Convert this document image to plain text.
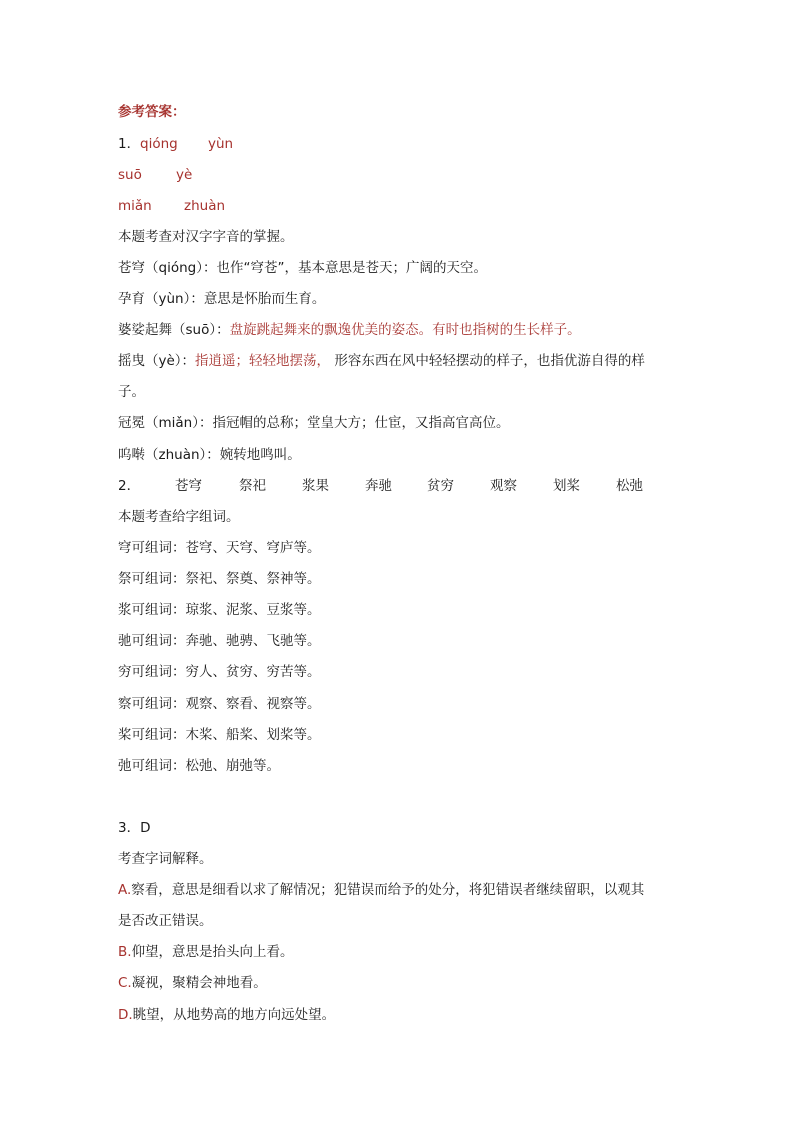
参考答案：
1． qióng yùn
suō	yè
miǎn zhuàn
本题考查对汉字字音的掌握。
苍穹（qióng）：也作“穹苍”，基本意思是苍天；广阔的天空。
孕育（yùn）：意思是怀胎而生育。
婆娑起舞（suō）：盘旋跳起舞来的飘逸优美的姿态。有时也指树的生长样子。
摇曳（yè）：指逍遥；轻轻地摆荡， 形容东西在风中轻轻摆动的样子，也指优游自得的样
子。
冠冕（miǎn）：指冠帽的总称；堂皇大方；仕宦，又指高官高位。
呜啭（zhuàn）：婉转地鸣叫。
2．	苍穹	祭祀	浆果	奔驰	贫穷	观察	划桨	松弛
本题考查给字组词。
穹可组词：苍穹、天穹、穹庐等。
祭可组词：祭祀、祭奠、祭神等。
浆可组词：琼浆、泥浆、豆浆等。
驰可组词：奔驰、驰骋、飞驰等。
穷可组词：穷人、贫穷、穷苦等。
察可组词：观察、察看、视察等。
桨可组词：木桨、船桨、划桨等。
弛可组词：松弛、崩弛等。
3．D
考查字词解释。
A.察看，意思是细看以求了解情况；犯错误而给予的处分，将犯错误者继续留职，以观其
是否改正错误。
B.仰望，意思是抬头向上看。
C.凝视，聚精会神地看。
D.眺望，从地势高的地方向远处望。
